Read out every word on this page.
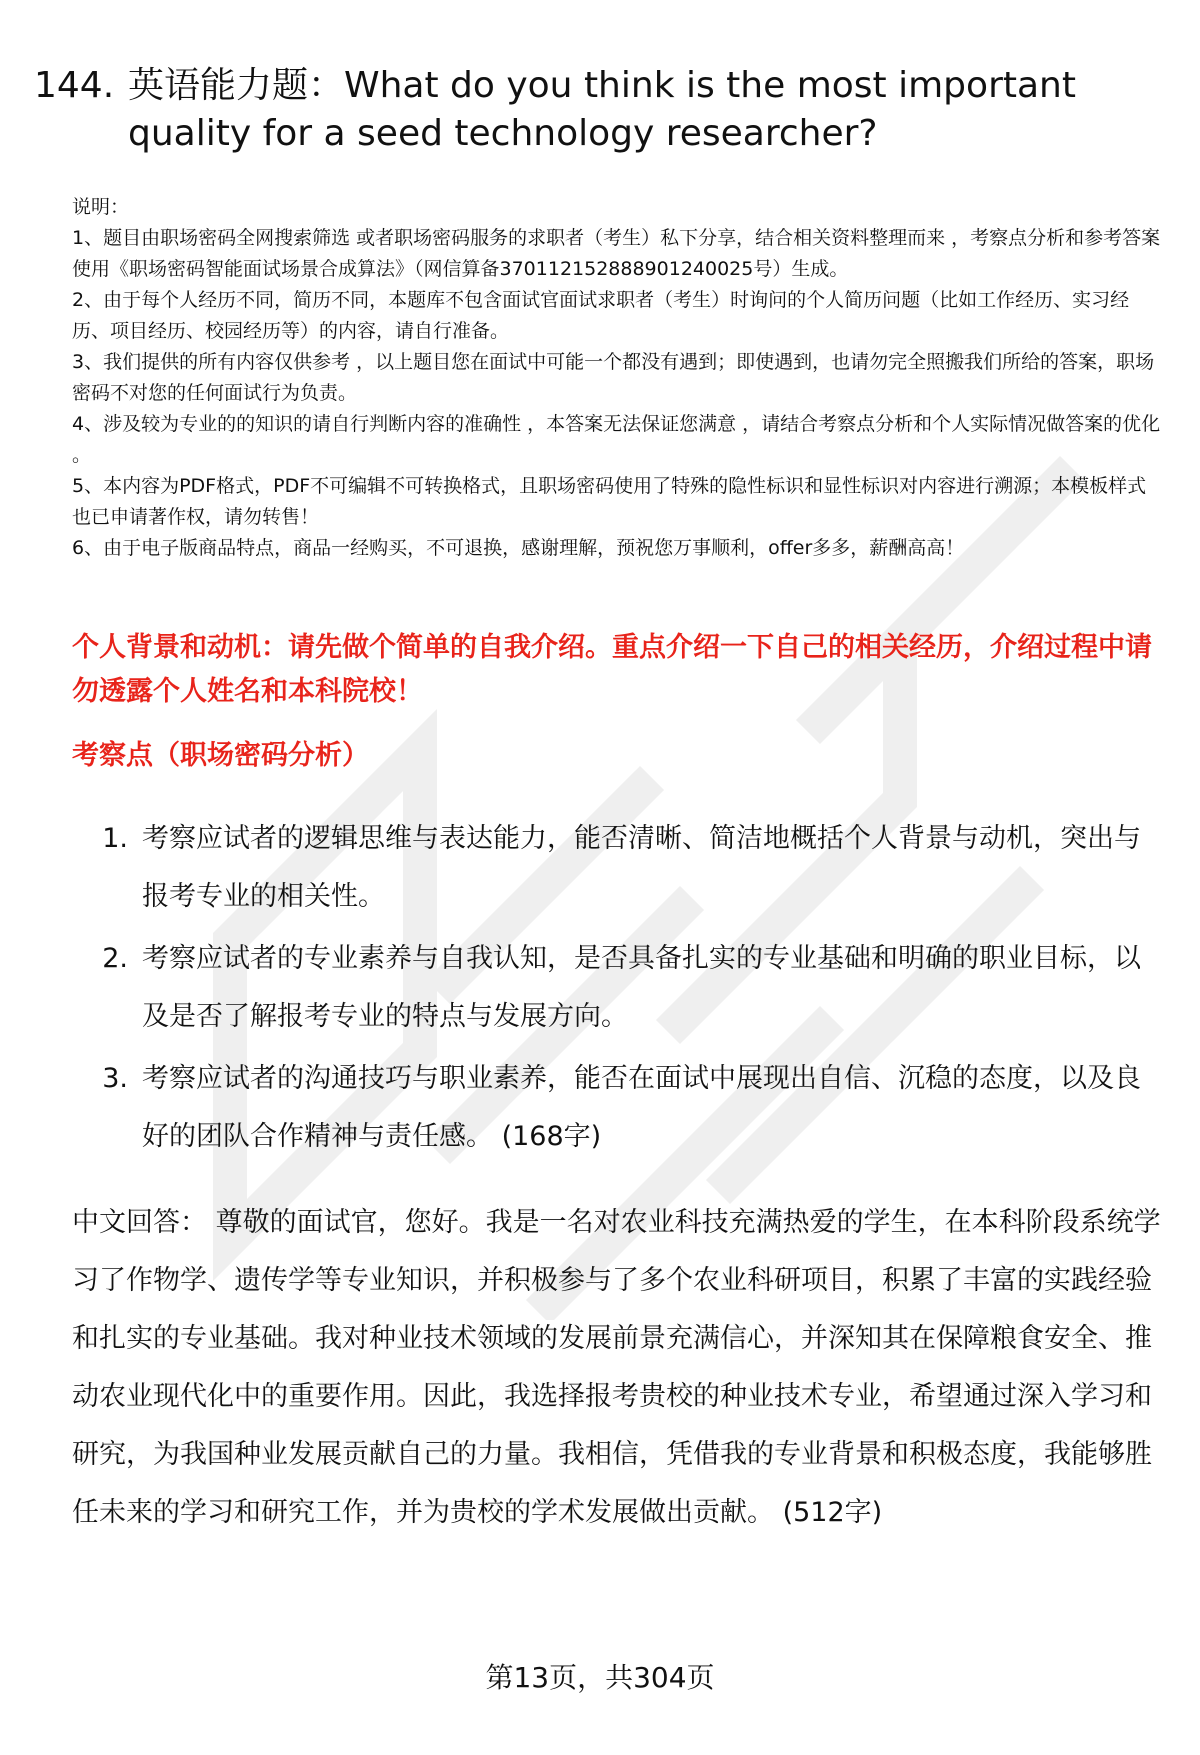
144. 英语能力题：What do you think is the most important quality for a seed technology researcher?

说明：

1、题目由职场密码全网搜索筛选 或者职场密码服务的求职者（考生）私下分享，结合相关资料整理而来 ，考察点分析和参考答案使用《职场密码智能面试场景合成算法》（网信算备370112152888901240025号）生成。

2、由于每个人经历不同，简历不同，本题库不包含面试官面试求职者（考生）时询问的个人简历问题（比如工作经历、实习经历、项目经历、校园经历等）的内容，请自行准备。

3、我们提供的所有内容仅供参考 ，以上题目您在面试中可能一个都没有遇到；即使遇到，也请勿完全照搬我们所给的答案，职场密码不对您的任何面试行为负责。

4、涉及较为专业的的知识的请自行判断内容的准确性 ，本答案无法保证您满意 ，请结合考察点分析和个人实际情况做答案的优化 。

5、本内容为PDF格式，PDF不可编辑不可转换格式，且职场密码使用了特殊的隐性标识和显性标识对内容进行溯源；本模板样式也已申请著作权，请勿转售！

6、由于电子版商品特点，商品一经购买，不可退换，感谢理解，预祝您万事顺利，offer多多，薪酬高高！

个人背景和动机：请先做个简单的自我介绍。重点介绍一下自己的相关经历，介绍过程中请勿透露个人姓名和本科院校！
考察点（职场密码分析）
1. 考察应试者的逻辑思维与表达能力，能否清晰、简洁地概括个人背景与动机，突出与报考专业的相关性。
2. 考察应试者的专业素养与自我认知，是否具备扎实的专业基础和明确的职业目标，以及是否了解报考专业的特点与发展方向。
3. 考察应试者的沟通技巧与职业素养，能否在面试中展现出自信、沉稳的态度，以及良好的团队合作精神与责任感。 (168字)
中文回答： 尊敬的面试官，您好。我是一名对农业科技充满热爱的学生，在本科阶段系统学习了作物学、遗传学等专业知识，并积极参与了多个农业科研项目，积累了丰富的实践经验和扎实的专业基础。我对种业技术领域的发展前景充满信心，并深知其在保障粮食安全、推动农业现代化中的重要作用。因此，我选择报考贵校的种业技术专业，希望通过深入学习和研究，为我国种业发展贡献自己的力量。我相信，凭借我的专业背景和积极态度，我能够胜任未来的学习和研究工作，并为贵校的学术发展做出贡献。 (512字)
第13页，共304页
